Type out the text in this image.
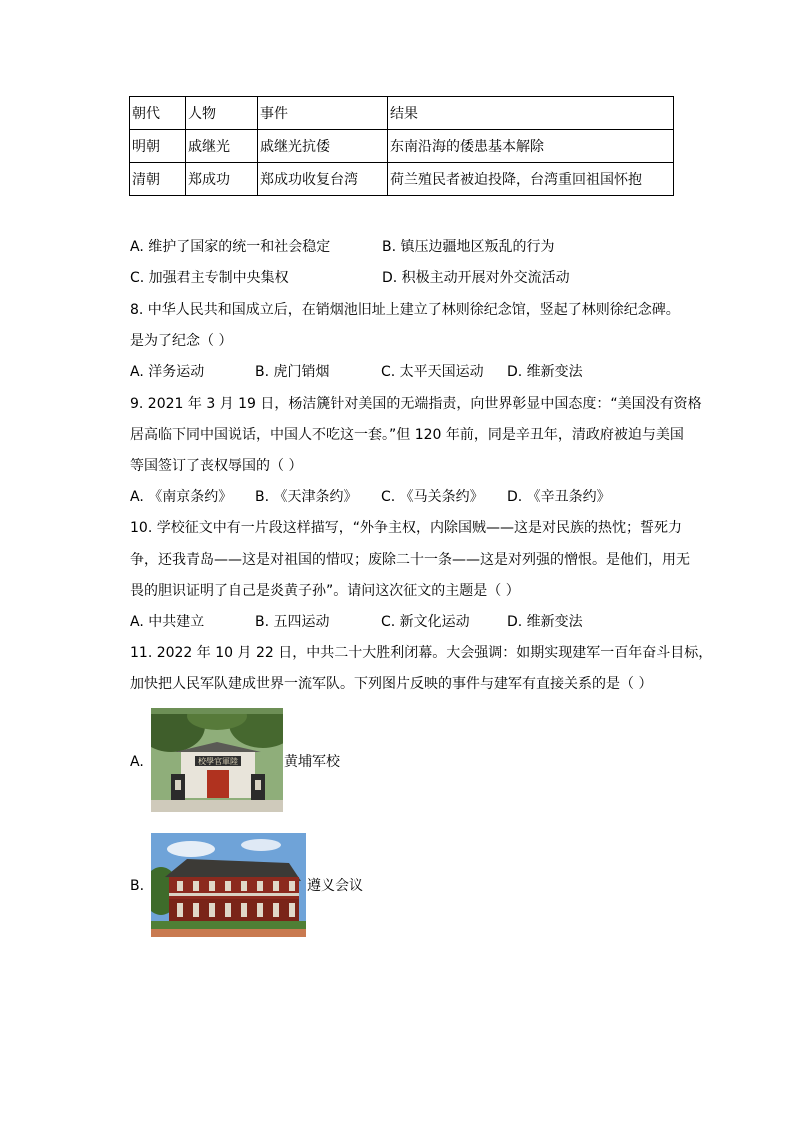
朝代	人物	事件	结果
明朝	戚继光	戚继光抗倭	东南沿海的倭患基本解除
清朝	郑成功	郑成功收复台湾	荷兰殖民者被迫投降，台湾重回祖国怀抱
A. 维护了国家的统一和社会稳定	B. 镇压边疆地区叛乱的行为
C. 加强君主专制中央集权	D. 积极主动开展对外交流活动
8. 中华人民共和国成立后，在销烟池旧址上建立了林则徐纪念馆，竖起了林则徐纪念碑。
是为了纪念（ ）
A. 洋务运动	B. 虎门销烟	C. 太平天国运动 D. 维新变法
9. 2021 年 3 月 19 日，杨洁篪针对美国的无端指责，向世界彰显中国态度：“美国没有资格
居高临下同中国说话，中国人不吃这一套。”但 120 年前，同是辛丑年，清政府被迫与美国
等国签订了丧权辱国的（ ）
A. 《南京条约》 B. 《天津条约》 C. 《马关条约》 D. 《辛丑条约》
10. 学校征文中有一片段这样描写，“外争主权，内除国贼——这是对民族的热忱；誓死力
争，还我青岛——这是对祖国的惜叹；废除二十一条——这是对列强的憎恨。是他们，用无
畏的胆识证明了自己是炎黄子孙”。请问这次征文的主题是（ ）
A. 中共建立	B. 五四运动	C. 新文化运动	D. 维新变法
11. 2022 年 10 月 22 日，中共二十大胜利闭幕。大会强调：如期实现建军一百年奋斗目标，
加快把人民军队建成世界一流军队。下列图片反映的事件与建军有直接关系的是（ ）
A.	校學官軍陸	黄埔军校
B.	遵义会议
